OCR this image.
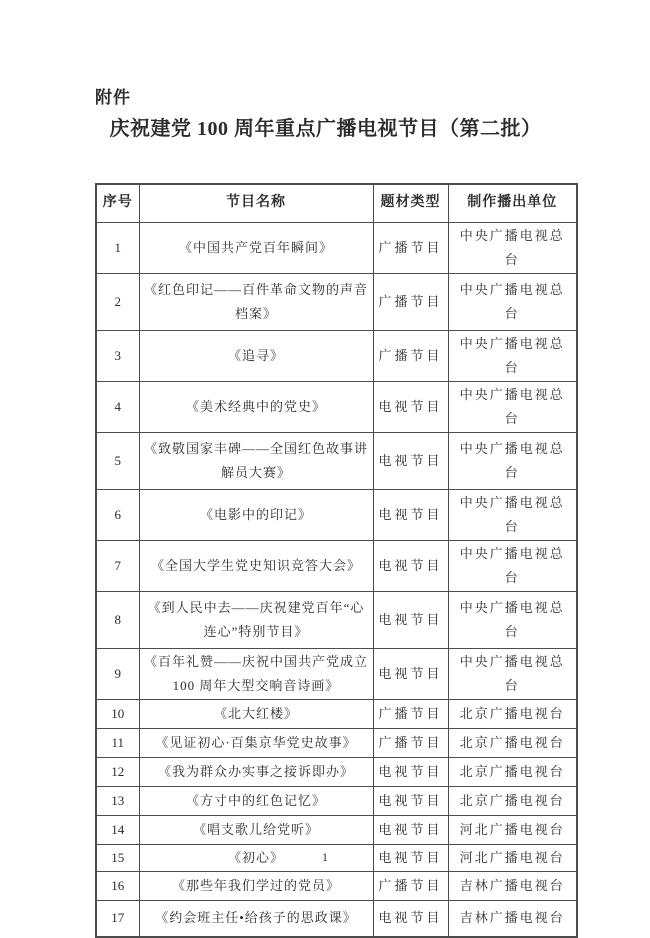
附件
庆祝建党 100 周年重点广播电视节目（第二批）
序号	节目名称	题材类型	制作播出单位
1	《中国共产党百年瞬间》	广播节目	中央广播电视总台
2	《红色印记——百件革命文物的声音档案》	广播节目	中央广播电视总台
3	《追寻》	广播节目	中央广播电视总台
4	《美术经典中的党史》	电视节目	中央广播电视总台
5	《致敬国家丰碑——全国红色故事讲解员大赛》	电视节目	中央广播电视总台
6	《电影中的印记》	电视节目	中央广播电视总台
7	《全国大学生党史知识竞答大会》	电视节目	中央广播电视总台
8	《到人民中去——庆祝建党百年“心连心”特别节目》	电视节目	中央广播电视总台
9	《百年礼赞——庆祝中国共产党成立 100 周年大型交响音诗画》	电视节目	中央广播电视总台
10	《北大红楼》	广播节目	北京广播电视台
11	《见证初心·百集京华党史故事》	广播节目	北京广播电视台
12	《我为群众办实事之接诉即办》	电视节目	北京广播电视台
13	《方寸中的红色记忆》	电视节目	北京广播电视台
14	《唱支歌儿给党听》	电视节目	河北广播电视台
15	《初心》	电视节目	河北广播电视台
16	《那些年我们学过的党员》	广播节目	吉林广播电视台
17	《约会班主任•给孩子的思政课》	电视节目	吉林广播电视台
1
